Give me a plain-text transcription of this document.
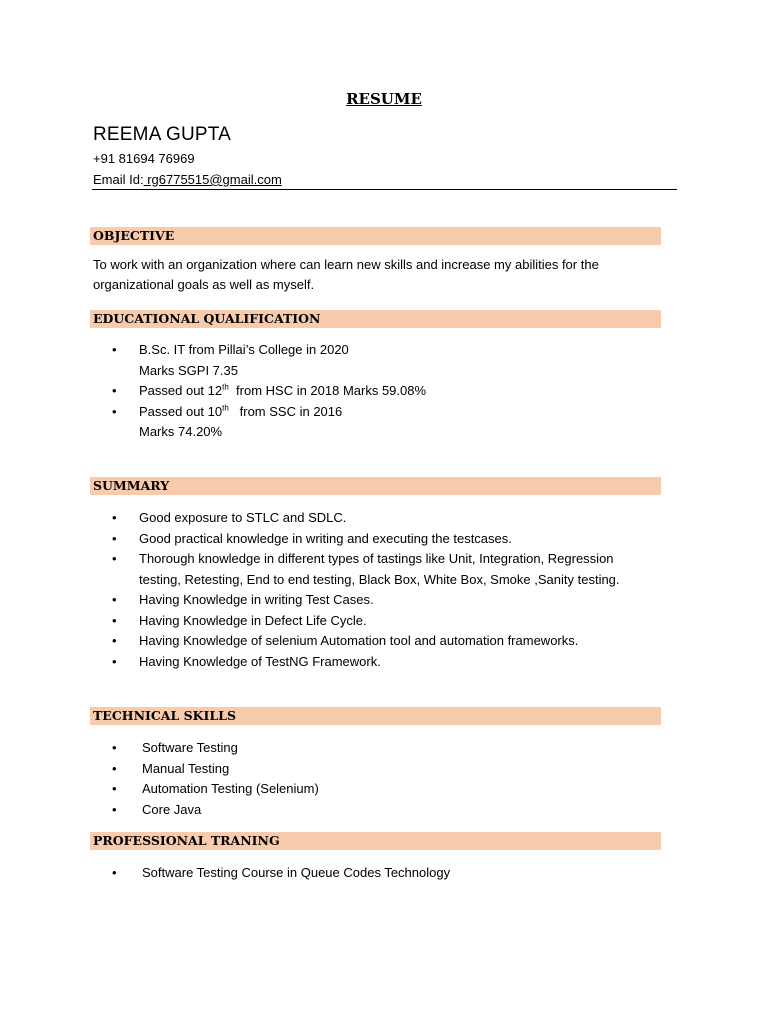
RESUME
REEMA GUPTA
+91 81694 76969
Email Id: rg6775515@gmail.com
OBJECTIVE
To work with an organization where can learn new skills and increase my abilities for the
organizational goals as well as myself.
EDUCATIONAL QUALIFICATION
• B.Sc. IT from Pillai’s College in 2020
Marks SGPI 7.35
• Passed out 12th  from HSC in 2018 Marks 59.08%
• Passed out 10th   from SSC in 2016
Marks 74.20%
SUMMARY
• Good exposure to STLC and SDLC.
• Good practical knowledge in writing and executing the testcases.
• Thorough knowledge in different types of tastings like Unit, Integration, Regression
testing, Retesting, End to end testing, Black Box, White Box, Smoke ,Sanity testing.
• Having Knowledge in writing Test Cases.
• Having Knowledge in Defect Life Cycle.
• Having Knowledge of selenium Automation tool and automation frameworks.
• Having Knowledge of TestNG Framework.
TECHNICAL SKILLS
• Software Testing
• Manual Testing
• Automation Testing (Selenium)
• Core Java
PROFESSIONAL TRANING
• Software Testing Course in Queue Codes Technology
